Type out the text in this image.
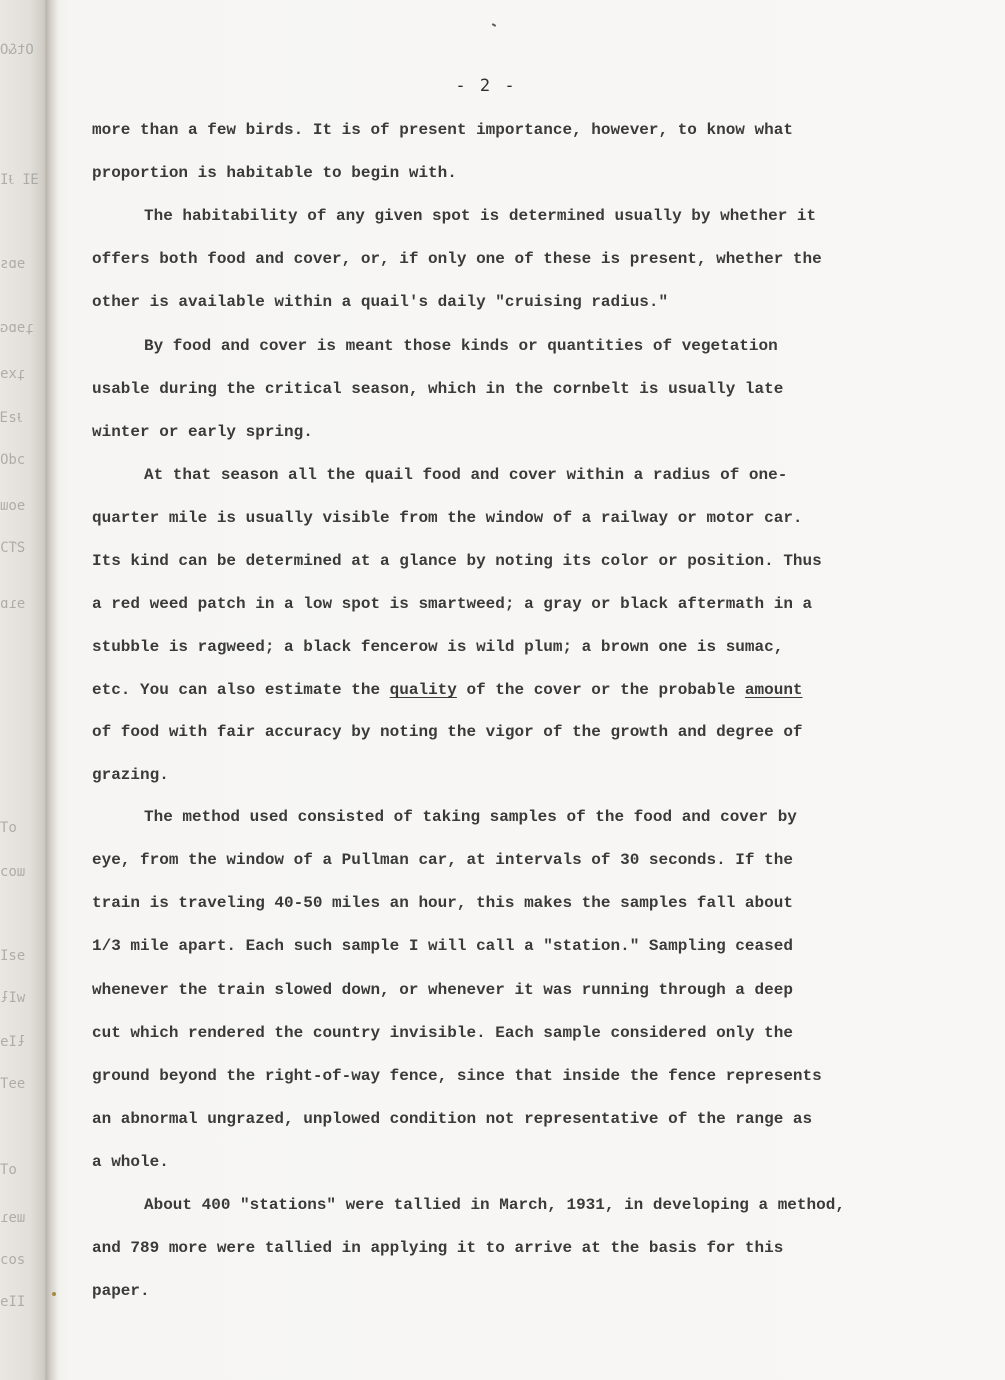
Ot&O
ƎI ɈI
ɘɒs
ʇɘɒɢ
ʇxɘ
ɈƨƎ
ɔdO
ɘoɯ
ƧƬƆ
ɘɿɒ
oT
ɯoɔ
ɘƨI
wIƚ
ƚIɘ
ɘɘT
oT
ɯɘɿ
ƨoɔ
IIɘ
- 2 -
more than a few birds. It is of present importance, however, to know what
proportion is habitable to begin with.
The habitability of any given spot is determined usually by whether it
offers both food and cover, or, if only one of these is present, whether the
other is available within a quail's daily "cruising radius."
By food and cover is meant those kinds or quantities of vegetation
usable during the critical season, which in the cornbelt is usually late
winter or early spring.
At that season all the quail food and cover within a radius of one-
quarter mile is usually visible from the window of a railway or motor car.
Its kind can be determined at a glance by noting its color or position. Thus
a red weed patch in a low spot is smartweed; a gray or black aftermath in a
stubble is ragweed; a black fencerow is wild plum; a brown one is sumac,
etc. You can also estimate the quality of the cover or the probable amount
of food with fair accuracy by noting the vigor of the growth and degree of
grazing.
The method used consisted of taking samples of the food and cover by
eye, from the window of a Pullman car, at intervals of 30 seconds. If the
train is traveling 40-50 miles an hour, this makes the samples fall about
1/3 mile apart. Each such sample I will call a "station." Sampling ceased
whenever the train slowed down, or whenever it was running through a deep
cut which rendered the country invisible. Each sample considered only the
ground beyond the right-of-way fence, since that inside the fence represents
an abnormal ungrazed, unplowed condition not representative of the range as
a whole.
About 400 "stations" were tallied in March, 1931, in developing a method,
and 789 more were tallied in applying it to arrive at the basis for this
paper.
